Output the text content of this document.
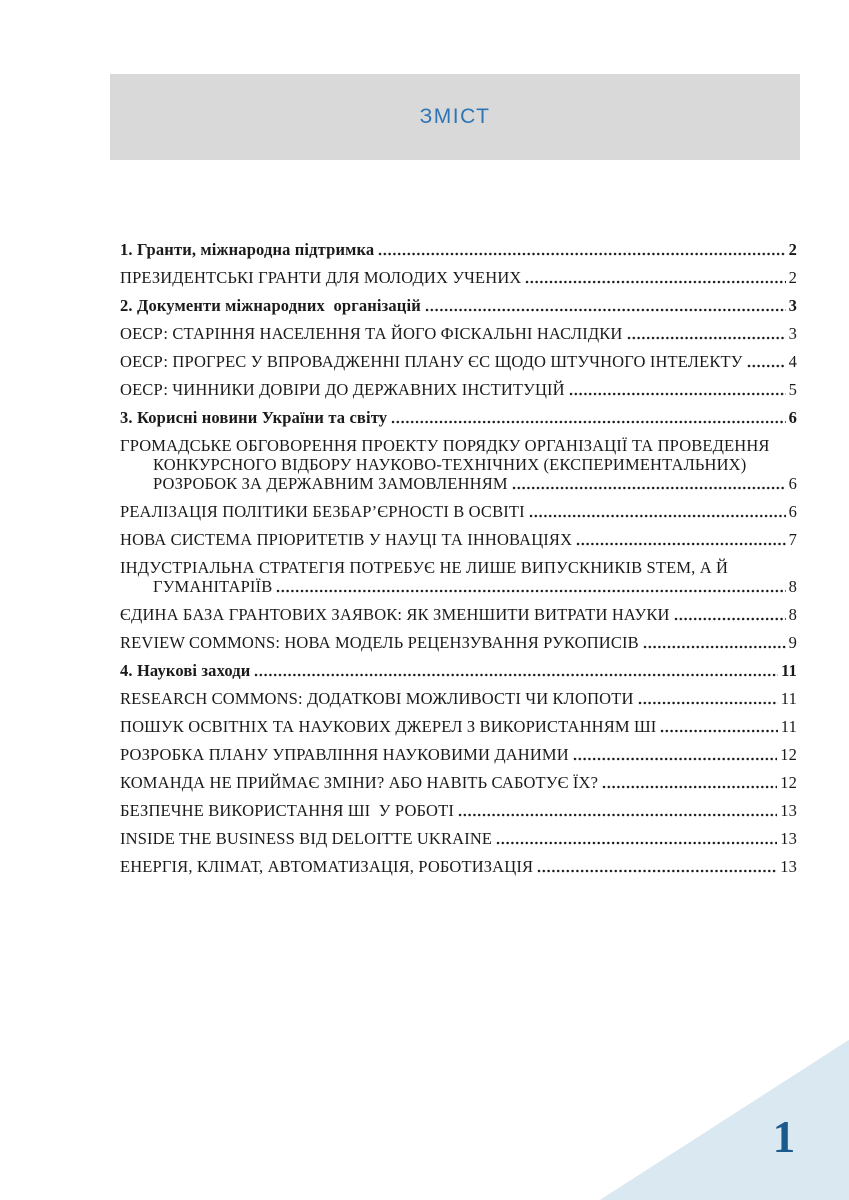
ЗМІСТ
1. Гранти, міжнародна підтримка	2
ПРЕЗИДЕНТСЬКІ ГРАНТИ ДЛЯ МОЛОДИХ УЧЕНИХ	2
2. Документи міжнародних  організацій	3
ОЕСР: СТАРІННЯ НАСЕЛЕННЯ ТА ЙОГО ФІСКАЛЬНІ НАСЛІДКИ	3
ОЕСР: ПРОГРЕС У ВПРОВАДЖЕННІ ПЛАНУ ЄС ЩОДО ШТУЧНОГО ІНТЕЛЕКТУ	4
ОЕСР: ЧИННИКИ ДОВІРИ ДО ДЕРЖАВНИХ ІНСТИТУЦІЙ	5
3. Корисні новини України та світу	6
ГРОМАДСЬКЕ ОБГОВОРЕННЯ ПРОЕКТУ ПОРЯДКУ ОРГАНІЗАЦІЇ ТА ПРОВЕДЕННЯ КОНКУРСНОГО ВІДБОРУ НАУКОВО-ТЕХНІЧНИХ (ЕКСПЕРИМЕНТАЛЬНИХ) РОЗРОБОК ЗА ДЕРЖАВНИМ ЗАМОВЛЕННЯМ	6
РЕАЛІЗАЦІЯ ПОЛІТИКИ БЕЗБАР’ЄРНОСТІ В ОСВІТІ	6
НОВА СИСТЕМА ПРІОРИТЕТІВ У НАУЦІ ТА ІННОВАЦІЯХ	7
ІНДУСТРІАЛЬНА СТРАТЕГІЯ ПОТРЕБУЄ НЕ ЛИШЕ ВИПУСКНИКІВ STEM, А Й ГУМАНІТАРІЇВ	8
ЄДИНА БАЗА ГРАНТОВИХ ЗАЯВОК: ЯК ЗМЕНШИТИ ВИТРАТИ НАУКИ	8
REVIEW COMMONS: НОВА МОДЕЛЬ РЕЦЕНЗУВАННЯ РУКОПИСІВ	9
4. Наукові заходи	11
RESEARCH COMMONS: ДОДАТКОВІ МОЖЛИВОСТІ ЧИ КЛОПОТИ	11
ПОШУК ОСВІТНІХ ТА НАУКОВИХ ДЖЕРЕЛ З ВИКОРИСТАННЯМ ШІ	11
РОЗРОБКА ПЛАНУ УПРАВЛІННЯ НАУКОВИМИ ДАНИМИ	12
КОМАНДА НЕ ПРИЙМАЄ ЗМІНИ? АБО НАВІТЬ САБОТУЄ ЇХ?	12
БЕЗПЕЧНЕ ВИКОРИСТАННЯ ШІ  У РОБОТІ	13
INSIDE THE BUSINESS ВІД DELOITTE UKRAINE	13
ЕНЕРГІЯ, КЛІМАТ, АВТОМАТИЗАЦІЯ, РОБОТИЗАЦІЯ	13
1
